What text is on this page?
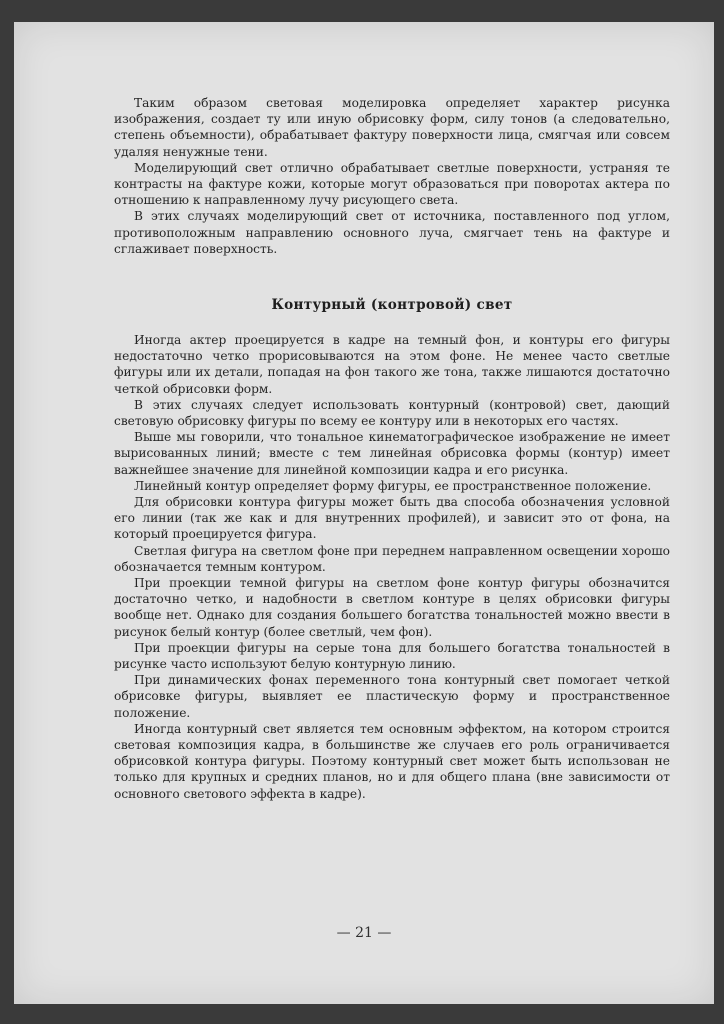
Таким образом световая моделировка определяет характер рисунка изображения, создает ту или иную обрисовку форм, силу тонов (а следовательно, степень объемности), обрабатывает фактуру поверхности лица, смягчая или совсем удаляя ненужные тени.

Моделирующий свет отлично обрабатывает светлые поверхности, устраняя те контрасты на фактуре кожи, которые могут образоваться при поворотах актера по отношению к направленному лучу рисующего света.

В этих случаях моделирующий свет от источника, поставленного под углом, противоположным направлению основного луча, смягчает тень на фактуре и сглаживает поверхность.

Контурный (контровой) свет

Иногда актер проецируется в кадре на темный фон, и контуры его фигуры недостаточно четко прорисовываются на этом фоне. Не менее часто светлые фигуры или их детали, попадая на фон такого же тона, также лишаются достаточно четкой обрисовки форм.

В этих случаях следует использовать контурный (контровой) свет, дающий световую обрисовку фигуры по всему ее контуру или в некоторых его частях.

Выше мы говорили, что тональное кинематографическое изображение не имеет вырисованных линий; вместе с тем линейная обрисовка формы (контур) имеет важнейшее значение для линейной композиции кадра и его рисунка.

Линейный контур определяет форму фигуры, ее пространственное положение.

Для обрисовки контура фигуры может быть два способа обозначения условной его линии (так же как и для внутренних профилей), и зависит это от фона, на который проецируется фигура.

Светлая фигура на светлом фоне при переднем направленном освещении хорошо обозначается темным контуром.

При проекции темной фигуры на светлом фоне контур фигуры обозначится достаточно четко, и надобности в светлом контуре в целях обрисовки фигуры вообще нет. Однако для создания большего богатства тональностей можно ввести в рисунок белый контур (более светлый, чем фон).

При проекции фигуры на серые тона для большего богатства тональностей в рисунке часто используют белую контурную линию.

При динамических фонах переменного тона контурный свет помогает четкой обрисовке фигуры, выявляет ее пластическую форму и пространственное положение.

Иногда контурный свет является тем основным эффектом, на котором строится световая композиция кадра, в большинстве же случаев его роль ограничивается обрисовкой контура фигуры. Поэтому контурный свет может быть использован не только для крупных и средних планов, но и для общего плана (вне зависимости от основного светового эффекта в кадре).

— 21 —
